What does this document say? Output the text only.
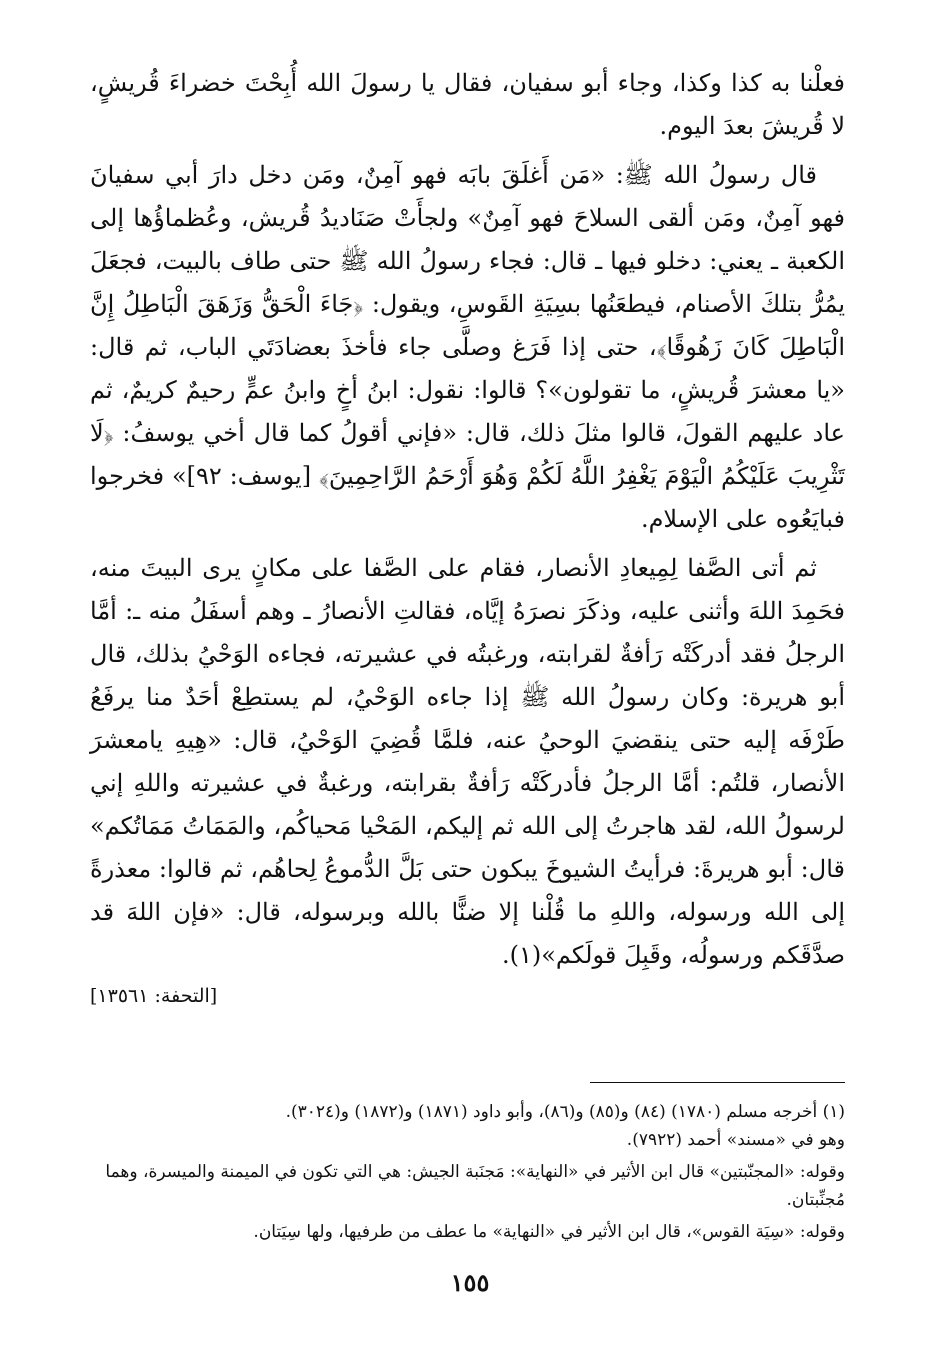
فعلْنا به كذا وكذا، وجاء أبو سفيان، فقال يا رسولَ الله أُبِحْتَ خضراءَ قُريشٍ، لا قُريشَ بعدَ اليوم.

قال رسولُ الله ﷺ: «مَن أَغلَقَ بابَه فهو آمِنٌ، ومَن دخل دارَ أبي سفيانَ فهو آمِنٌ، ومَن ألقى السلاحَ فهو آمِنٌ» ولجأَتْ صَنَاديدُ قُريش، وعُظماؤُها إلى الكعبة ـ يعني: دخلو فيها ـ قال: فجاء رسولُ الله ﷺ حتى طاف بالبيت، فجعَلَ يمُرُّ بتلكَ الأصنام، فيطعَنُها بسِيَةِ القَوسِ، ويقول: ﴿جَاءَ الْحَقُّ وَزَهَقَ الْبَاطِلُ إِنَّ الْبَاطِلَ كَانَ زَهُوقًا﴾، حتى إذا فَرَغ وصلَّى جاء فأخذَ بعضادَتَي الباب، ثم قال: «يا معشرَ قُريشٍ، ما تقولون»؟ قالوا: نقول: ابنُ أخٍ وابنُ عمٍّ رحيمٌ كريمٌ، ثم عاد عليهم القولَ، قالوا مثلَ ذلك، قال: «فإني أقولُ كما قال أخي يوسفُ: ﴿لَا تَثْرِيبَ عَلَيْكُمُ الْيَوْمَ يَغْفِرُ اللَّهُ لَكُمْ وَهُوَ أَرْحَمُ الرَّاحِمِينَ﴾ [يوسف: ٩٢]» فخرجوا فبايَعُوه على الإسلام.

ثم أتى الصَّفا لِمِيعادِ الأنصار، فقام على الصَّفا على مكانٍ يرى البيتَ منه، فحَمِدَ اللهَ وأثنى عليه، وذكَرَ نصرَهُ إيَّاه، فقالتِ الأنصارُ ـ وهم أسفَلُ منه ـ: أمَّا الرجلُ فقد أدركَتْه رَأفةٌ لقرابته، ورغبتُه في عشيرته، فجاءه الوَحْيُ بذلك، قال أبو هريرة: وكان رسولُ الله ﷺ إذا جاءه الوَحْيُ، لم يستطِعْ أحَدٌ منا يرفَعُ طَرْفَه إليه حتى ينقضيَ الوحيُ عنه، فلمَّا قُضِيَ الوَحْيُ، قال: «هِيهِ يامعشرَ الأنصار، قلتُم: أمَّا الرجلُ فأدركَتْه رَأفةٌ بقرابته، ورغبةٌ في عشيرته واللهِ إني لرسولُ الله، لقد هاجرتُ إلى الله ثم إليكم، المَحْيا مَحياكُم، والمَمَاتُ مَمَاتُكم» قال: أبو هريرةَ: فرأيتُ الشيوخَ يبكون حتى بَلَّ الدُّموعُ لِحاهُم، ثم قالوا: معذرةً إلى الله ورسوله، واللهِ ما قُلْنا إلا ضنًّا بالله وبرسوله، قال: «فإن اللهَ قد صدَّقَكم ورسولُه، وقَبِلَ قولَكم»(١).

[التحفة: ١٣٥٦١]

(١) أخرجه مسلم (١٧٨٠) (٨٤) و(٨٥) و(٨٦)، وأبو داود (١٨٧١) و(١٨٧٢) و(٣٠٢٤).

وهو في «مسند» أحمد (٧٩٢٢).

وقوله: «المجنّبتين» قال ابن الأثير في «النهاية»: مَجنَبة الجيش: هي التي تكون في الميمنة والميسرة، وهما مُجنِّبتان.

وقوله: «سِيَة القوس»، قال ابن الأثير في «النهاية» ما عطف من طرفيها، ولها سِيَتان.

١٥٥
